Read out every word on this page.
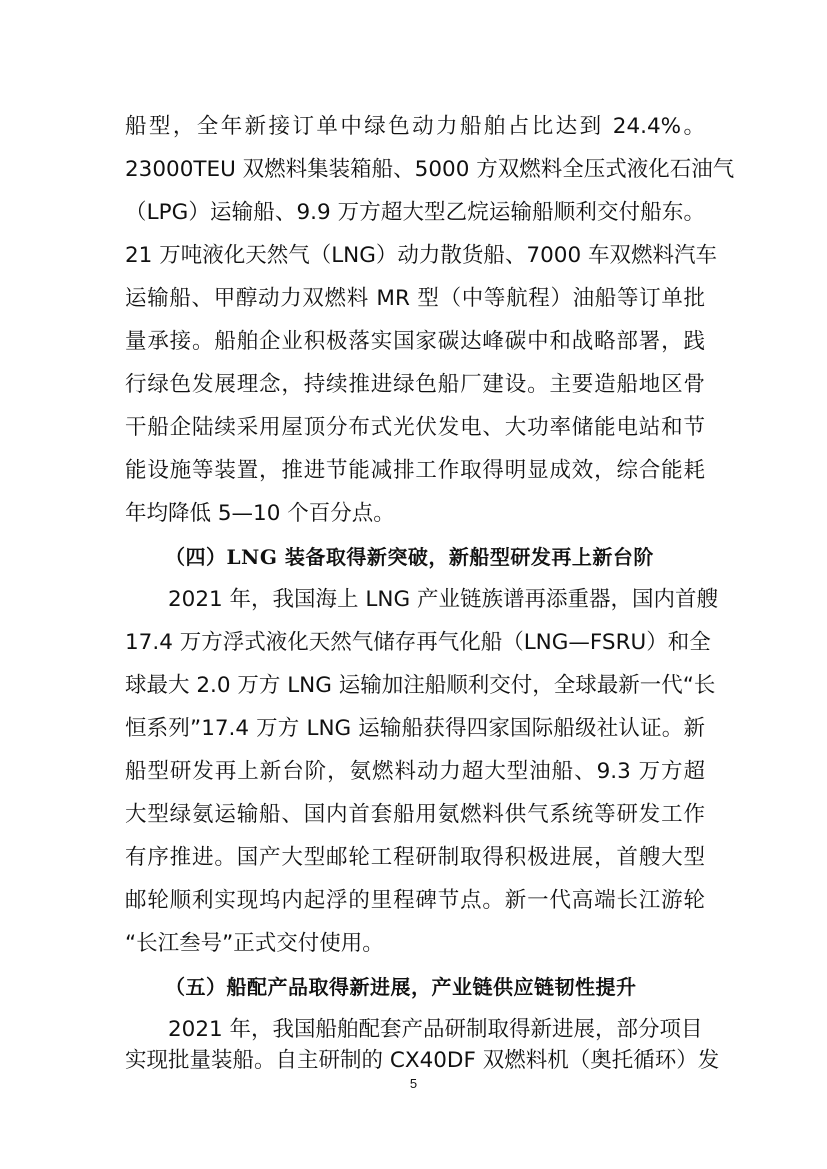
船型，全年新接订单中绿色动力船舶占比达到 24.4%。
23000TEU 双燃料集装箱船、5000 方双燃料全压式液化石油气
（LPG）运输船、9.9 万方超大型乙烷运输船顺利交付船东。
21 万吨液化天然气（LNG）动力散货船、7000 车双燃料汽车
运输船、甲醇动力双燃料 MR 型（中等航程）油船等订单批
量承接。船舶企业积极落实国家碳达峰碳中和战略部署，践
行绿色发展理念，持续推进绿色船厂建设。主要造船地区骨
干船企陆续采用屋顶分布式光伏发电、大功率储能电站和节
能设施等装置，推进节能减排工作取得明显成效，综合能耗
年均降低 5—10 个百分点。
（四）LNG 装备取得新突破，新船型研发再上新台阶
2021 年，我国海上 LNG 产业链族谱再添重器，国内首艘
17.4 万方浮式液化天然气储存再气化船（LNG—FSRU）和全
球最大 2.0 万方 LNG 运输加注船顺利交付，全球最新一代“长
恒系列”17.4 万方 LNG 运输船获得四家国际船级社认证。新
船型研发再上新台阶，氨燃料动力超大型油船、9.3 万方超
大型绿氨运输船、国内首套船用氨燃料供气系统等研发工作
有序推进。国产大型邮轮工程研制取得积极进展，首艘大型
邮轮顺利实现坞内起浮的里程碑节点。新一代高端长江游轮
“长江叁号”正式交付使用。
（五）船配产品取得新进展，产业链供应链韧性提升
2021 年，我国船舶配套产品研制取得新进展，部分项目
5
实现批量装船。自主研制的 CX40DF 双燃料机（奥托循环）发
